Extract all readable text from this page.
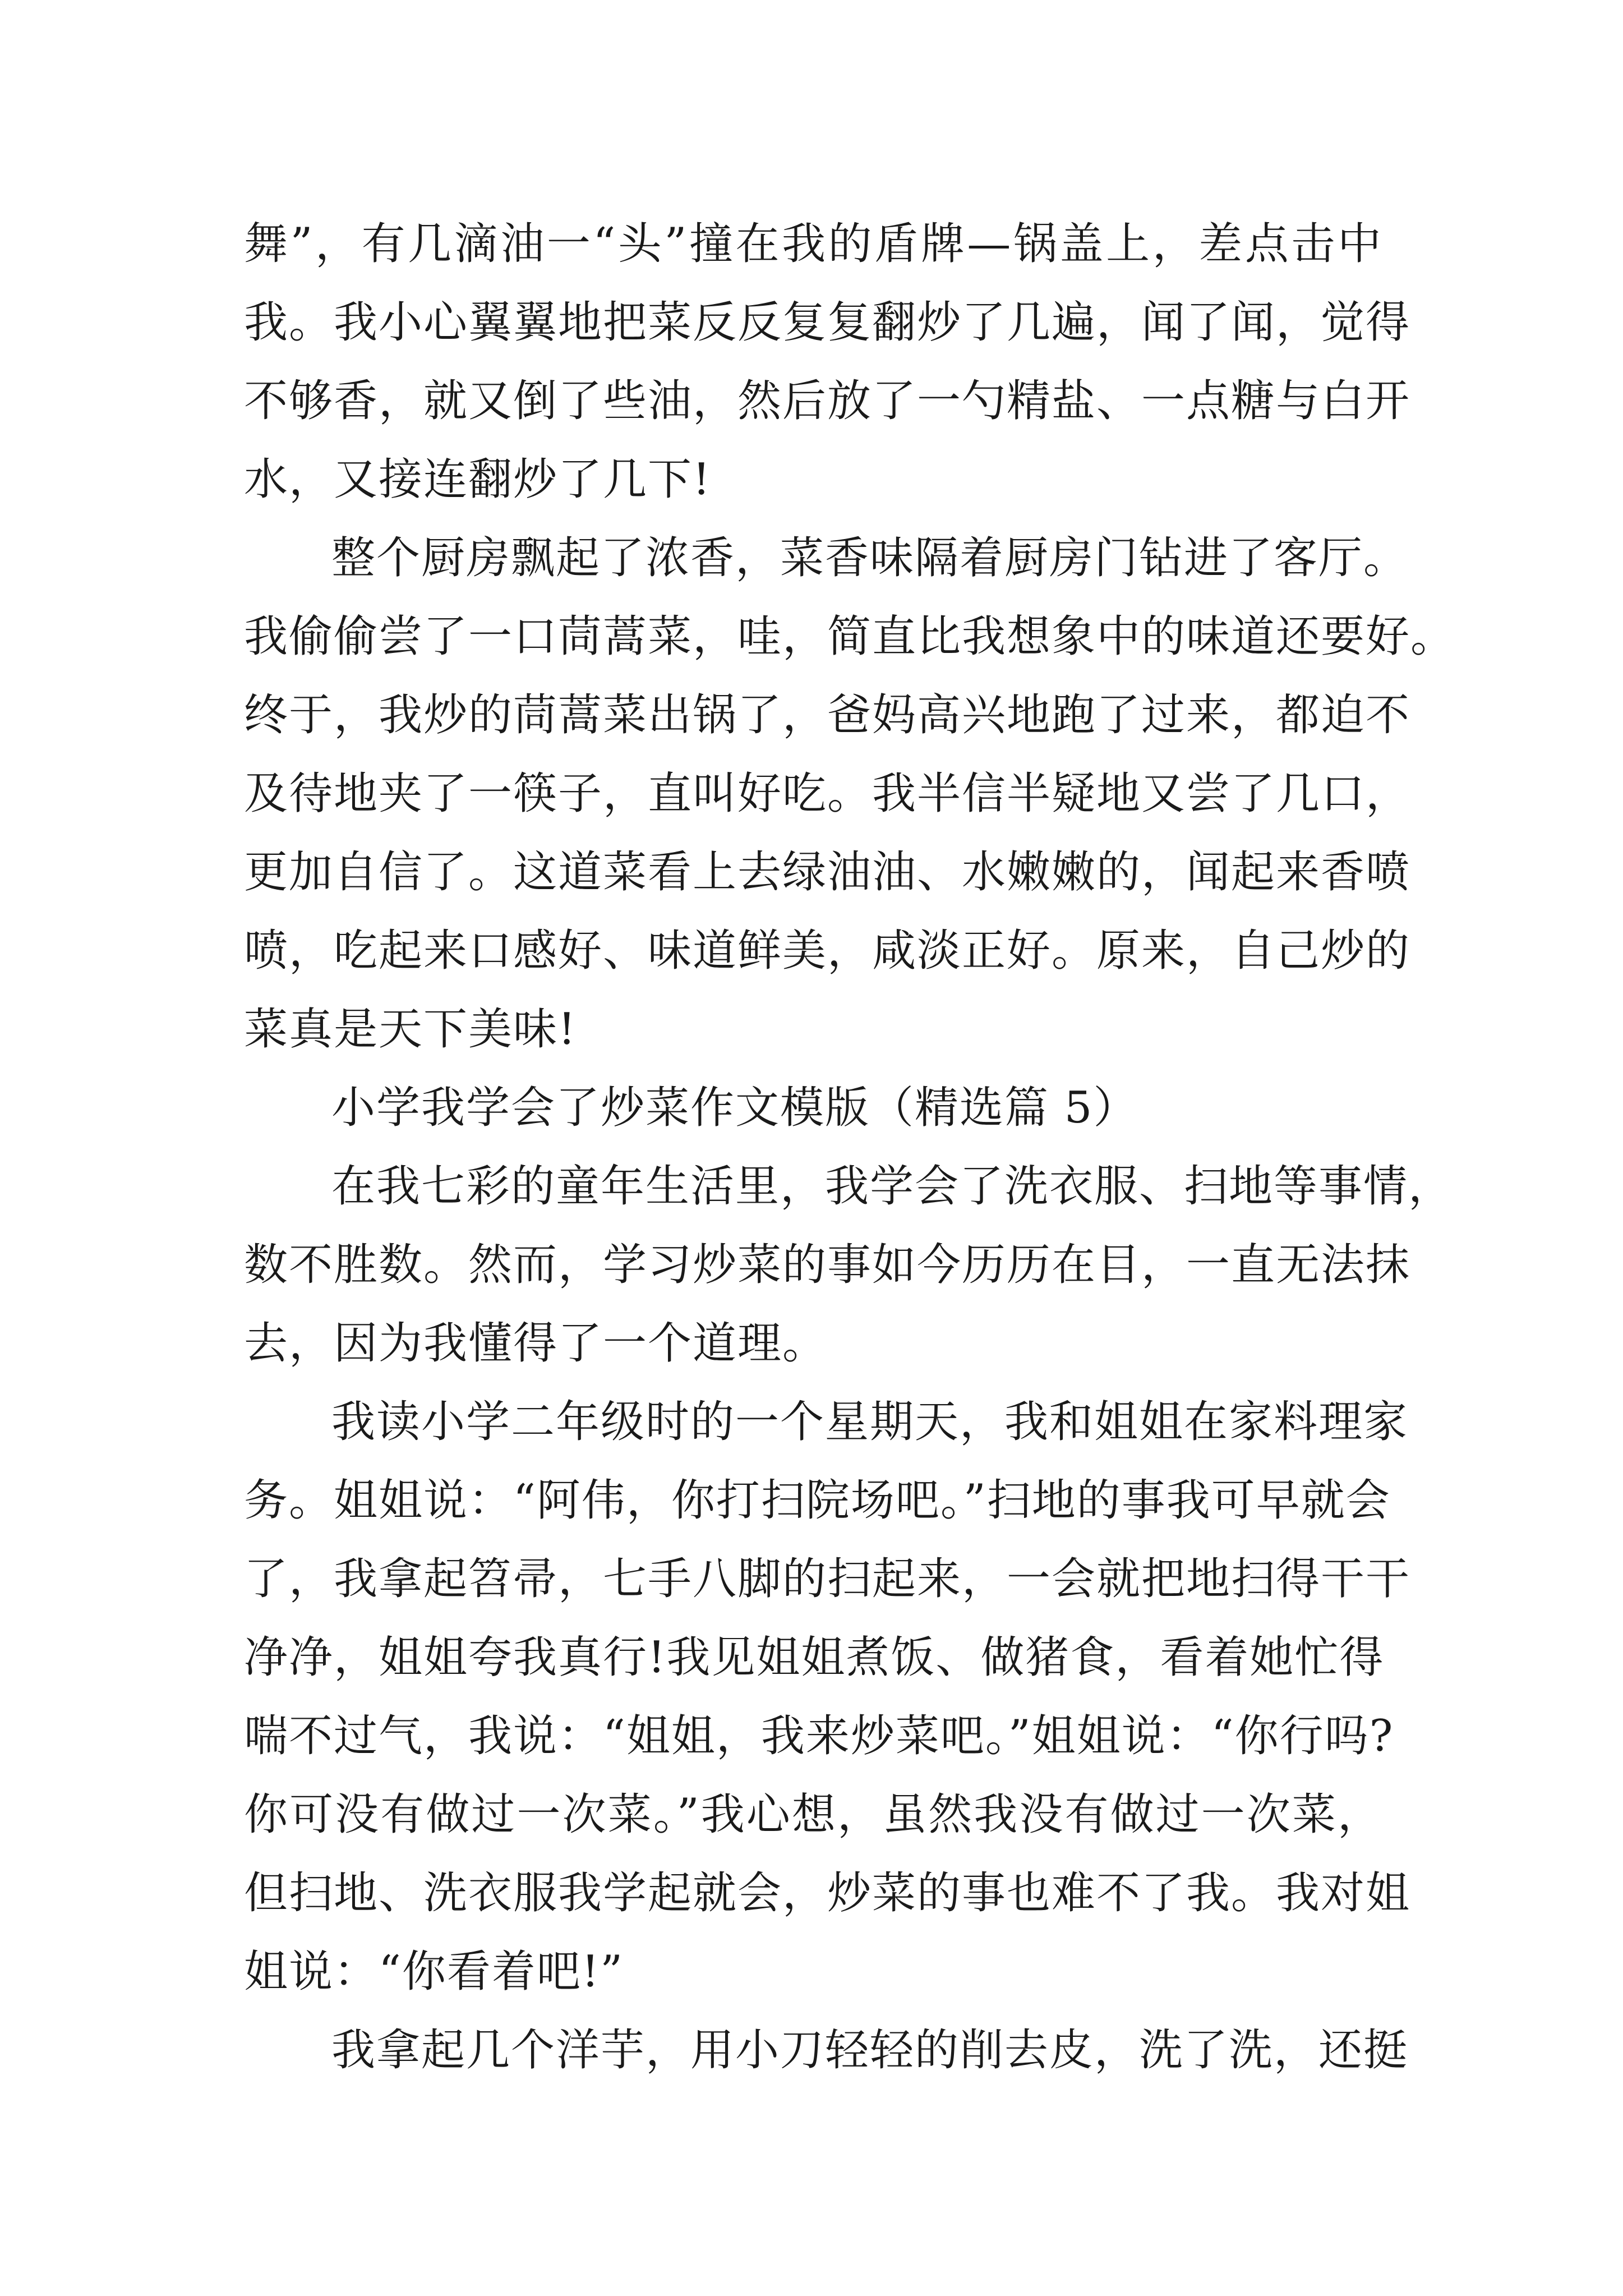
舞”，有几滴油一“头”撞在我的盾牌—锅盖上，差点击中
我。我小心翼翼地把菜反反复复翻炒了几遍，闻了闻，觉得
不够香，就又倒了些油，然后放了一勺精盐、一点糖与白开
水，又接连翻炒了几下!
整个厨房飘起了浓香，菜香味隔着厨房门钻进了客厅。
我偷偷尝了一口茼蒿菜，哇，简直比我想象中的味道还要好。
终于，我炒的茼蒿菜出锅了，爸妈高兴地跑了过来，都迫不
及待地夹了一筷子，直叫好吃。我半信半疑地又尝了几口，
更加自信了。这道菜看上去绿油油、水嫩嫩的，闻起来香喷
喷，吃起来口感好、味道鲜美，咸淡正好。原来，自己炒的
菜真是天下美味!
小学我学会了炒菜作文模版（精选篇 5）
在我七彩的童年生活里，我学会了洗衣服、扫地等事情，
数不胜数。然而，学习炒菜的事如今历历在目，一直无法抹
去，因为我懂得了一个道理。
我读小学二年级时的一个星期天，我和姐姐在家料理家
务。姐姐说：“阿伟，你打扫院场吧。”扫地的事我可早就会
了，我拿起笤帚，七手八脚的扫起来，一会就把地扫得干干
净净，姐姐夸我真行!我见姐姐煮饭、做猪食，看着她忙得
喘不过气，我说：“姐姐，我来炒菜吧。”姐姐说：“你行吗?
你可没有做过一次菜。”我心想，虽然我没有做过一次菜，
但扫地、洗衣服我学起就会，炒菜的事也难不了我。我对姐
姐说：“你看着吧!”
我拿起几个洋芋，用小刀轻轻的削去皮，洗了洗，还挺
